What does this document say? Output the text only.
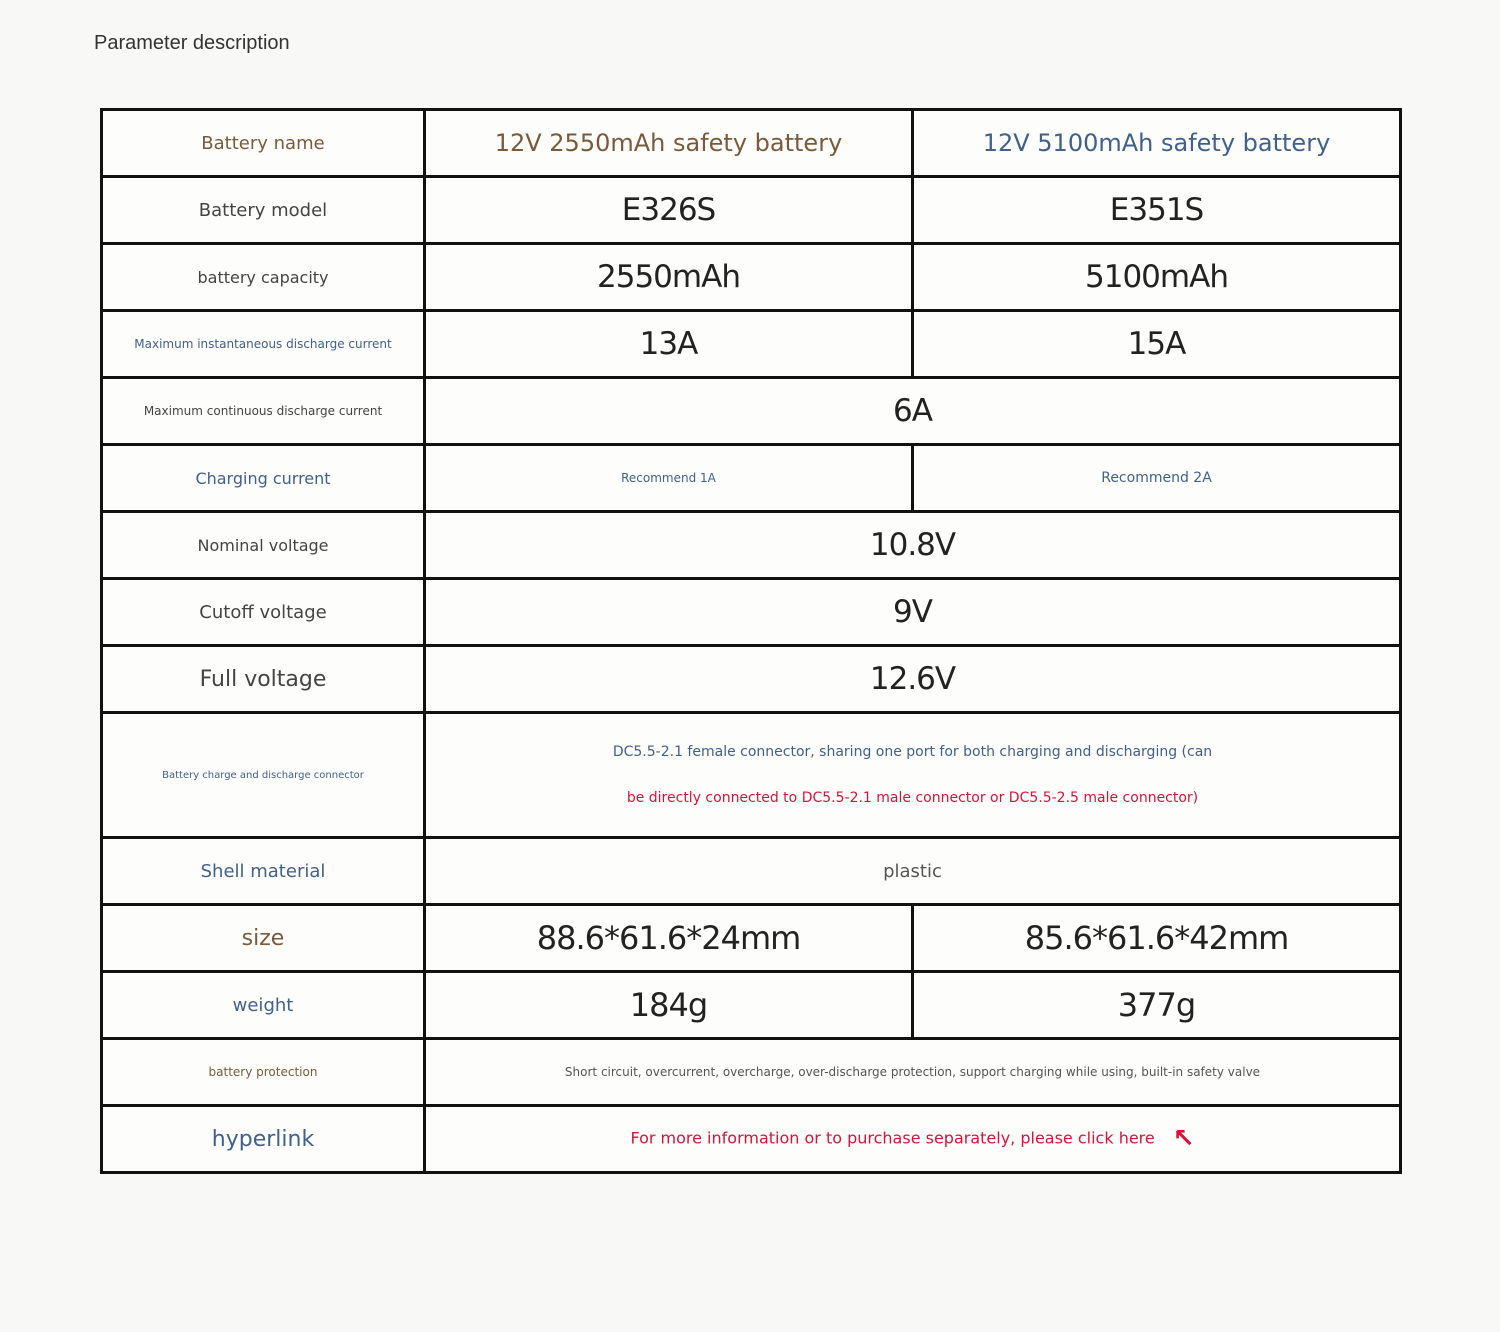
Parameter description
Battery name	12V 2550mAh safety battery	12V 5100mAh safety battery
Battery model	E326S	E351S
battery capacity	2550mAh	5100mAh
Maximum instantaneous discharge current	13A	15A
Maximum continuous discharge current	6A	
Charging current	Recommend 1A	Recommend 2A
Nominal voltage	10.8V	
Cutoff voltage	9V	
Full voltage	12.6V	
Battery charge and discharge connector	DC5.5-2.1 female connector, sharing one port for both charging and discharging (can
be directly connected to DC5.5-2.1 male connector or DC5.5-2.5 male connector)	

Shell material	plastic	
size	88.6*61.6*24mm	85.6*61.6*42mm
weight	184g	377g
battery protection	Short circuit, overcurrent, overcharge, over-discharge protection, support charging while using, built-in safety valve	
hyperlink	For more information or to purchase separately, please click here ↖	
